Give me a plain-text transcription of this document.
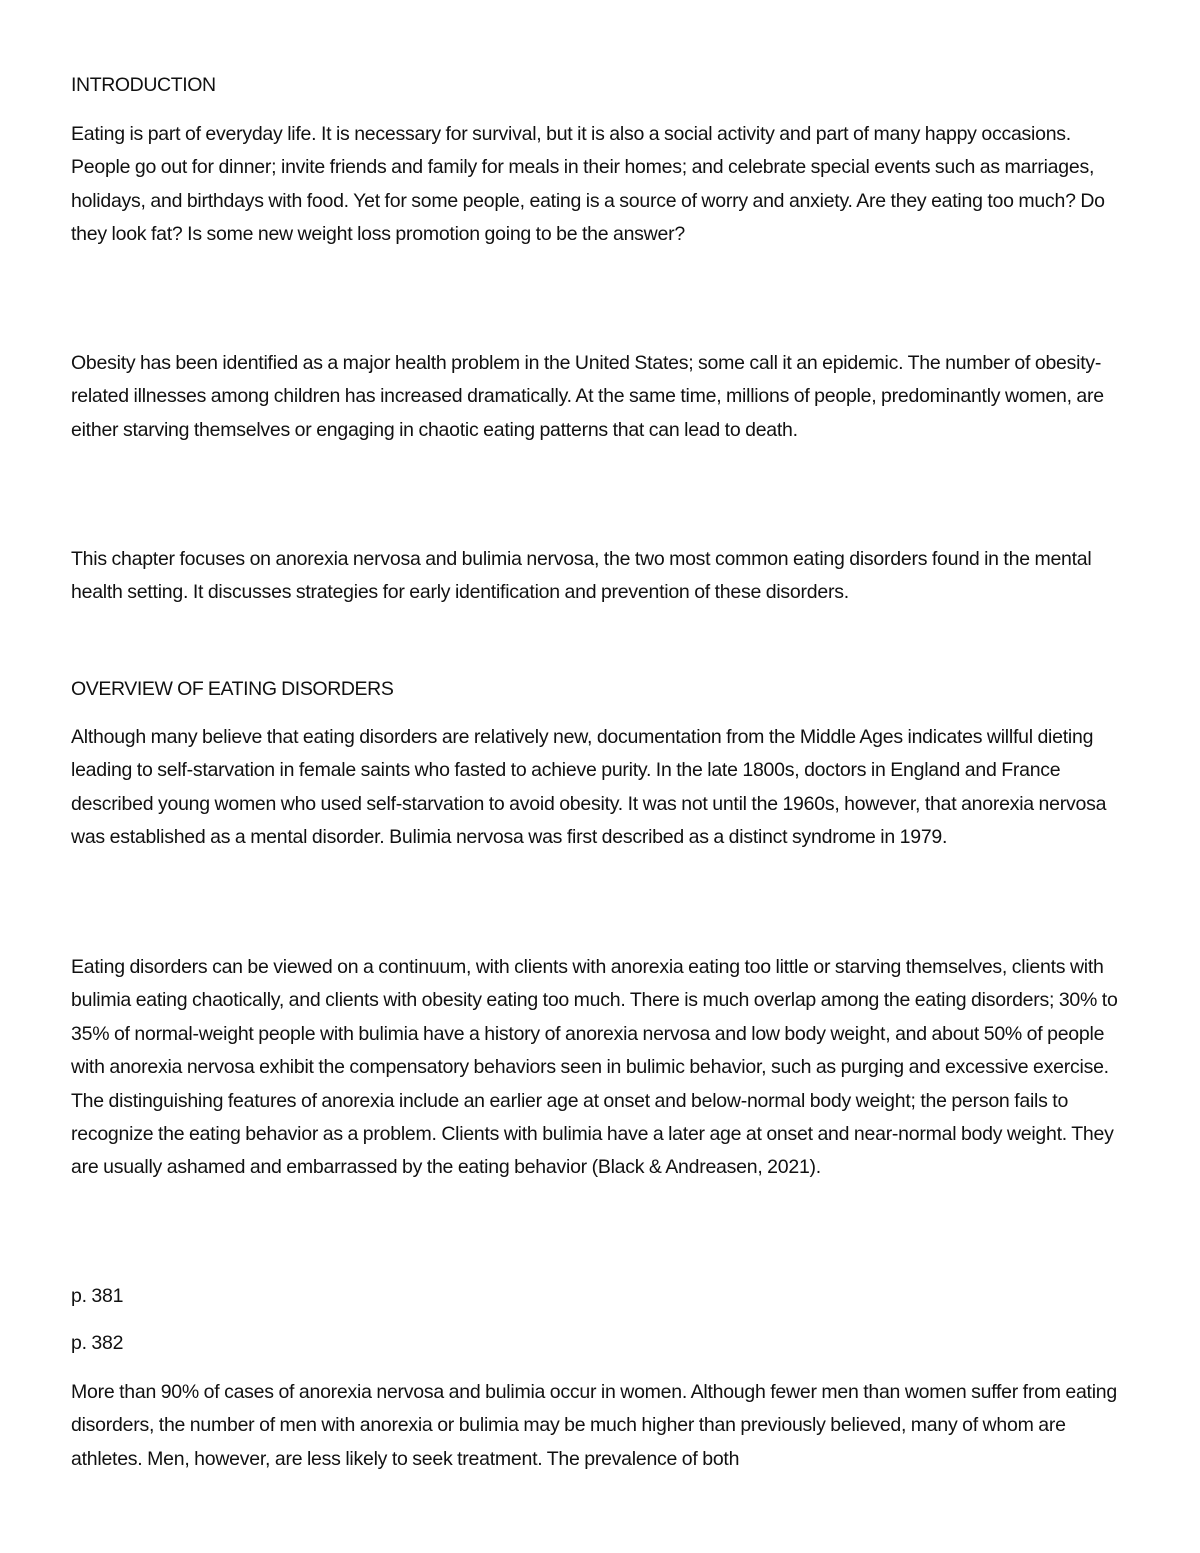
INTRODUCTION

Eating is part of everyday life. It is necessary for survival, but it is also a social activity and part of many happy occasions. People go out for dinner; invite friends and family for meals in their homes; and celebrate special events such as marriages, holidays, and birthdays with food. Yet for some people, eating is a source of worry and anxiety. Are they eating too much? Do they look fat? Is some new weight loss promotion going to be the answer?

Obesity has been identified as a major health problem in the United States; some call it an epidemic. The number of obesity-related illnesses among children has increased dramatically. At the same time, millions of people, predominantly women, are either starving themselves or engaging in chaotic eating patterns that can lead to death.

This chapter focuses on anorexia nervosa and bulimia nervosa, the two most common eating disorders found in the mental health setting. It discusses strategies for early identification and prevention of these disorders.

OVERVIEW OF EATING DISORDERS

Although many believe that eating disorders are relatively new, documentation from the Middle Ages indicates willful dieting leading to self-starvation in female saints who fasted to achieve purity. In the late 1800s, doctors in England and France described young women who used self-starvation to avoid obesity. It was not until the 1960s, however, that anorexia nervosa was established as a mental disorder. Bulimia nervosa was first described as a distinct syndrome in 1979.

Eating disorders can be viewed on a continuum, with clients with anorexia eating too little or starving themselves, clients with bulimia eating chaotically, and clients with obesity eating too much. There is much overlap among the eating disorders; 30% to 35% of normal-weight people with bulimia have a history of anorexia nervosa and low body weight, and about 50% of people with anorexia nervosa exhibit the compensatory behaviors seen in bulimic behavior, such as purging and excessive exercise. The distinguishing features of anorexia include an earlier age at onset and below-normal body weight; the person fails to recognize the eating behavior as a problem. Clients with bulimia have a later age at onset and near-normal body weight. They are usually ashamed and embarrassed by the eating behavior (Black & Andreasen, 2021).

p. 381

p. 382

More than 90% of cases of anorexia nervosa and bulimia occur in women. Although fewer men than women suffer from eating disorders, the number of men with anorexia or bulimia may be much higher than previously believed, many of whom are athletes. Men, however, are less likely to seek treatment. The prevalence of both
